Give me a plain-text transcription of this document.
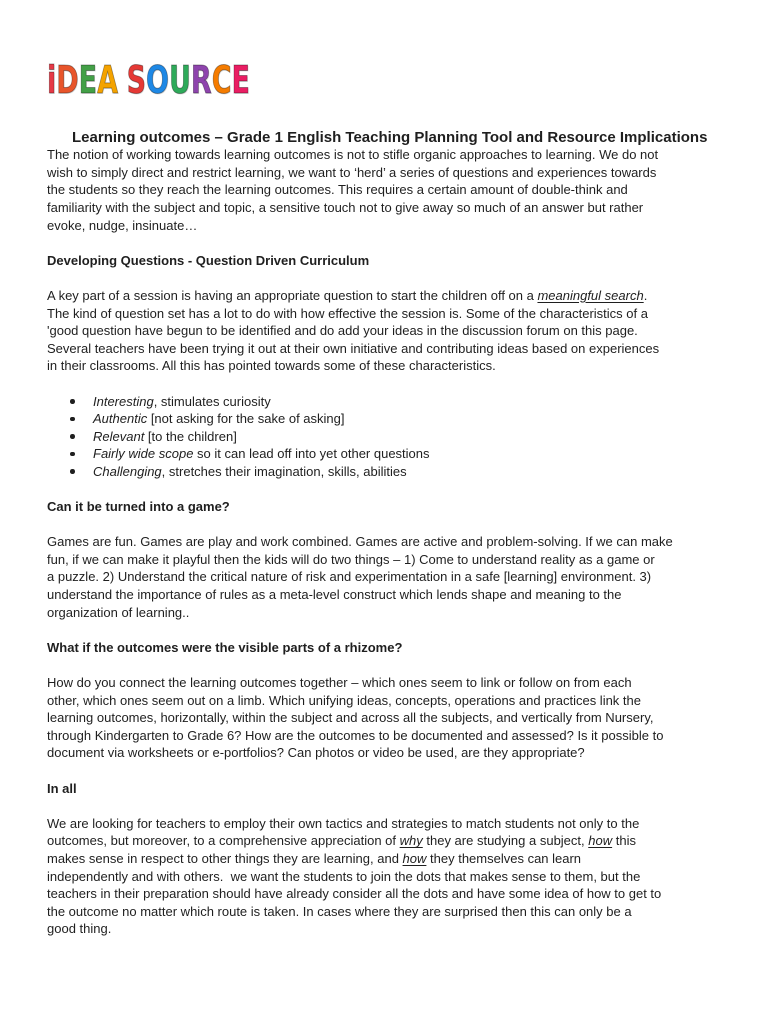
i D E A S O U R C E

Learning outcomes – Grade 1 English Teaching Planning Tool and Resource Implications

The notion of working towards learning outcomes is not to stifle organic approaches to learning. We do not
wish to simply direct and restrict learning, we want to ‘herd’ a series of questions and experiences towards
the students so they reach the learning outcomes. This requires a certain amount of double-think and
familiarity with the subject and topic, a sensitive touch not to give away so much of an answer but rather
evoke, nudge, insinuate…
Developing Questions - Question Driven Curriculum
A key part of a session is having an appropriate question to start the children off on a meaningful search.
The kind of question set has a lot to do with how effective the session is. Some of the characteristics of a
'good question have begun to be identified and do add your ideas in the discussion forum on this page.
Several teachers have been trying it out at their own initiative and contributing ideas based on experiences
in their classrooms. All this has pointed towards some of these characteristics.
Interesting, stimulates curiosity
Authentic [not asking for the sake of asking]
Relevant [to the children]
Fairly wide scope so it can lead off into yet other questions
Challenging, stretches their imagination, skills, abilities
Can it be turned into a game?
Games are fun. Games are play and work combined. Games are active and problem-solving. If we can make
fun, if we can make it playful then the kids will do two things – 1) Come to understand reality as a game or
a puzzle. 2) Understand the critical nature of risk and experimentation in a safe [learning] environment. 3)
understand the importance of rules as a meta-level construct which lends shape and meaning to the
organization of learning..
What if the outcomes were the visible parts of a rhizome?
How do you connect the learning outcomes together – which ones seem to link or follow on from each
other, which ones seem out on a limb. Which unifying ideas, concepts, operations and practices link the
learning outcomes, horizontally, within the subject and across all the subjects, and vertically from Nursery,
through Kindergarten to Grade 6? How are the outcomes to be documented and assessed? Is it possible to
document via worksheets or e-portfolios? Can photos or video be used, are they appropriate?
In all
We are looking for teachers to employ their own tactics and strategies to match students not only to the
outcomes, but moreover, to a comprehensive appreciation of why they are studying a subject, how this
makes sense in respect to other things they are learning, and how they themselves can learn
independently and with others.  we want the students to join the dots that makes sense to them, but the
teachers in their preparation should have already consider all the dots and have some idea of how to get to
the outcome no matter which route is taken. In cases where they are surprised then this can only be a
good thing.
